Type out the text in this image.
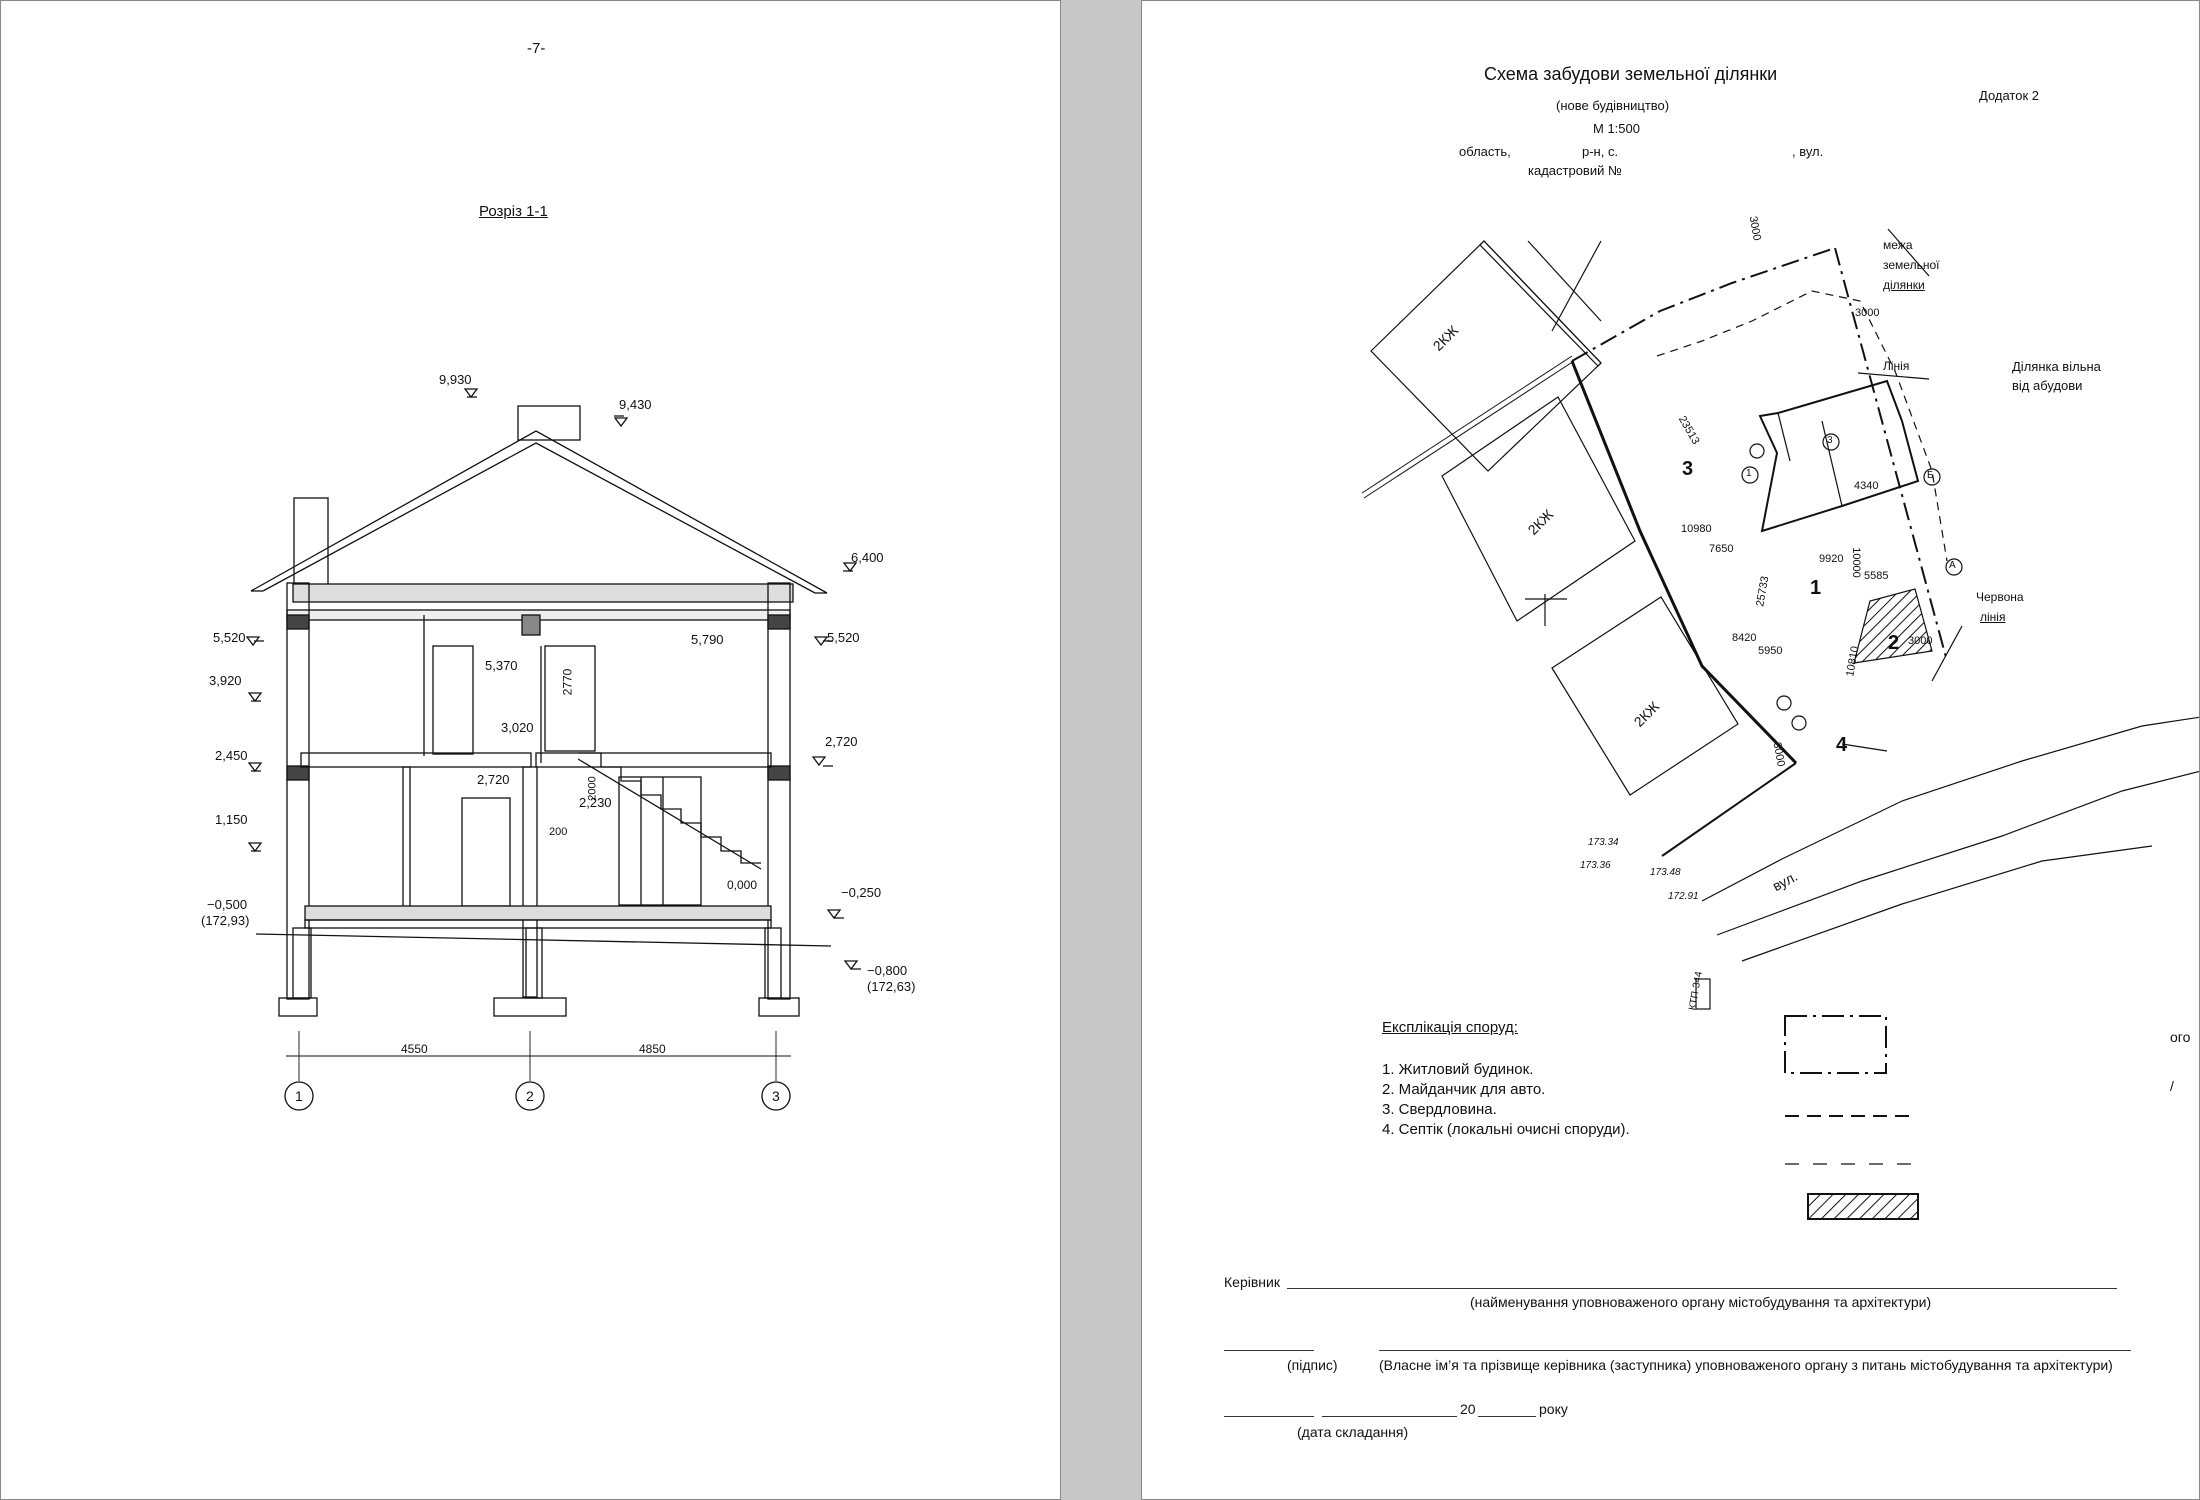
-7-
Розріз 1-1
9,930
9,430
6,400
5,520	5,520
5,790
5,370
3,920
3,020
2770
2,450
2,720
2,720
2,230
200
2000
1,150
0,000
−0,500
(172,93)
−0,250
−0,800
(172,63)
4550	4850
1	2	3
Схема забудови земельної ділянки
(нове будівництво)
М 1:500
Додаток 2
область,	р-н, с.	, вул.
кадастровий №
межа
земельної
ділянки
Лінія	Ділянка вільна
від абудови
Червона
лінія
вул.
КТП-344
2КЖ
2КЖ
2КЖ
3000
3000
23513
10980
7650
9920 10000
25733
4340
5585
8420
5950
3000
10810
3000
173.34
173.36
173.48
172.91
1
2
3
4
Б
А
1
3
Експлікація споруд:
1. Житловий будинок.
2. Майданчик для авто.
3. Свердловина.
4. Септік (локальні очисні споруди).
ого
/
Керівник
(найменування уповноваженого органу містобудування та архітектури)
(підпис)	(Власне ім’я та прізвище керівника (заступника) уповноваженого органу з питань містобудування та архітектури)
20	року
(дата складання)
